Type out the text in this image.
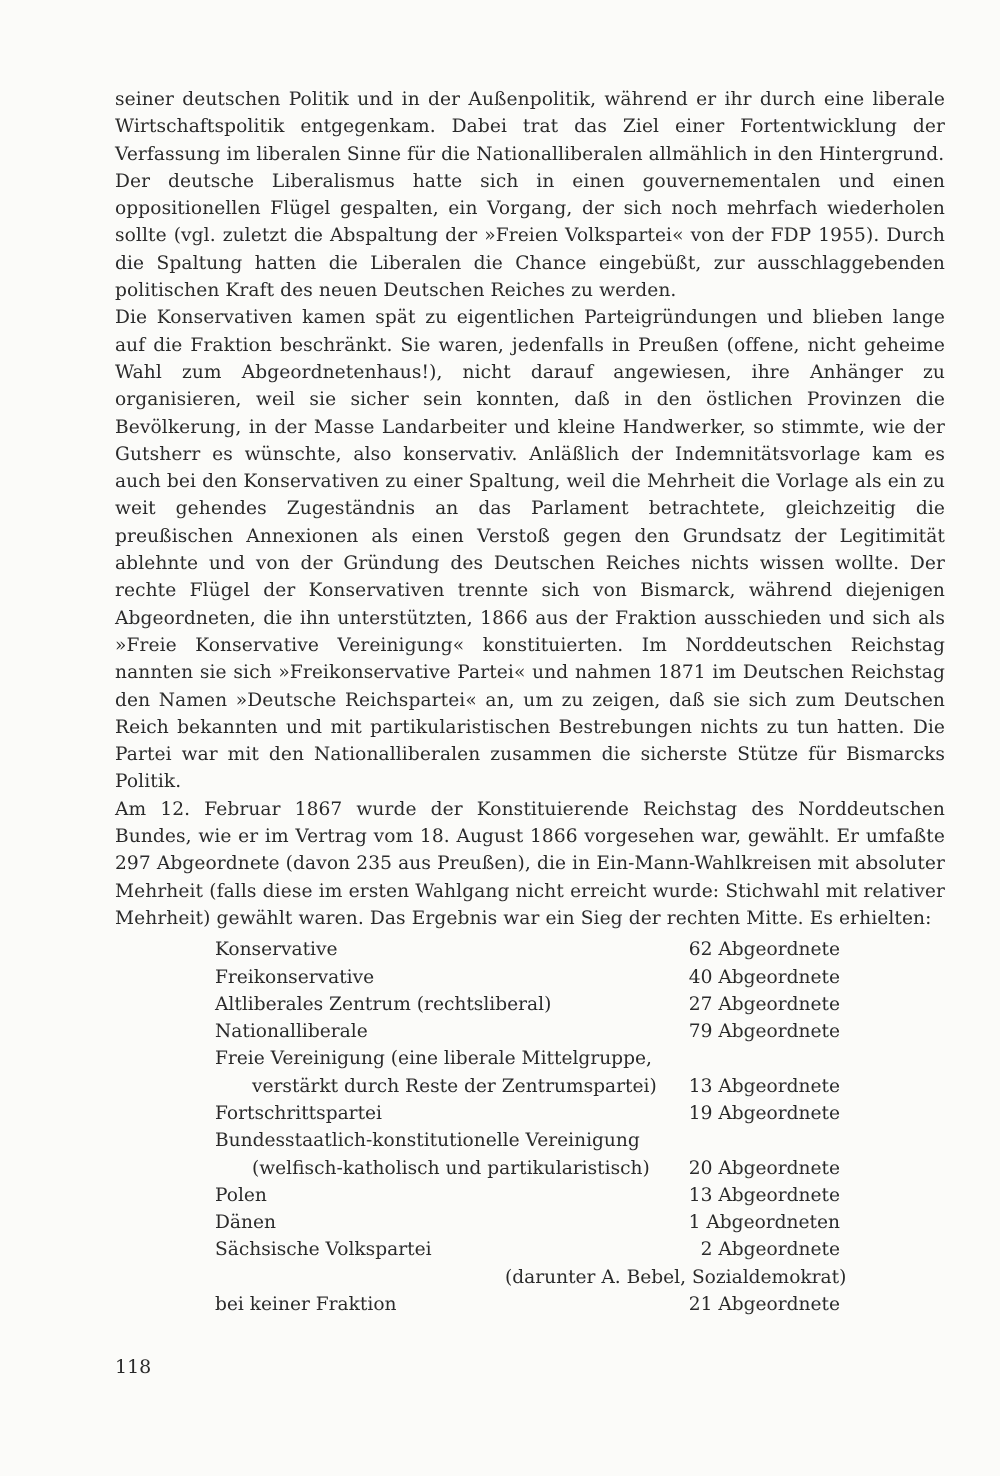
seiner deutschen Politik und in der Außenpolitik, während er ihr durch eine liberale Wirtschaftspolitik entgegenkam. Dabei trat das Ziel einer Fortentwicklung der Verfassung im liberalen Sinne für die Nationalliberalen allmählich in den Hintergrund.

Der deutsche Liberalismus hatte sich in einen gouvernementalen und einen oppositionellen Flügel gespalten, ein Vorgang, der sich noch mehrfach wiederholen sollte (vgl. zuletzt die Abspaltung der »Freien Volkspartei« von der FDP 1955). Durch die Spaltung hatten die Liberalen die Chance eingebüßt, zur ausschlaggebenden politischen Kraft des neuen Deutschen Reiches zu werden.

Die Konservativen kamen spät zu eigentlichen Parteigründungen und blieben lange auf die Fraktion beschränkt. Sie waren, jedenfalls in Preußen (offene, nicht geheime Wahl zum Abgeordnetenhaus!), nicht darauf angewiesen, ihre Anhänger zu organisieren, weil sie sicher sein konnten, daß in den östlichen Provinzen die Bevölkerung, in der Masse Landarbeiter und kleine Handwerker, so stimmte, wie der Gutsherr es wünschte, also konservativ. Anläßlich der Indemnitätsvorlage kam es auch bei den Konservativen zu einer Spaltung, weil die Mehrheit die Vorlage als ein zu weit gehendes Zugeständnis an das Parlament betrachtete, gleichzeitig die preußischen Annexionen als einen Verstoß gegen den Grundsatz der Legitimität ablehnte und von der Gründung des Deutschen Reiches nichts wissen wollte. Der rechte Flügel der Konservativen trennte sich von Bismarck, während diejenigen Abgeordneten, die ihn unterstützten, 1866 aus der Fraktion ausschieden und sich als »Freie Konservative Vereinigung« konstituierten. Im Norddeutschen Reichstag nannten sie sich »Freikonservative Partei« und nahmen 1871 im Deutschen Reichstag den Namen »Deutsche Reichspartei« an, um zu zeigen, daß sie sich zum Deutschen Reich bekannten und mit partikularistischen Bestrebungen nichts zu tun hatten. Die Partei war mit den Nationalliberalen zusammen die sicherste Stütze für Bismarcks Politik.

Am 12. Februar 1867 wurde der Konstituierende Reichstag des Norddeutschen Bundes, wie er im Vertrag vom 18. August 1866 vorgesehen war, gewählt. Er umfaßte 297 Abgeordnete (davon 235 aus Preußen), die in Ein-Mann-Wahlkreisen mit absoluter Mehrheit (falls diese im ersten Wahlgang nicht erreicht wurde: Stichwahl mit relativer Mehrheit) gewählt waren. Das Ergebnis war ein Sieg der rechten Mitte. Es erhielten:

Konservative	62 Abgeordnete
Freikonservative	40 Abgeordnete
Altliberales Zentrum (rechtsliberal)	27 Abgeordnete
Nationalliberale	79 Abgeordnete
Freie Vereinigung (eine liberale Mittelgruppe,
verstärkt durch Reste der Zentrumspartei) 13 Abgeordnete
Fortschrittspartei	19 Abgeordnete
Bundesstaatlich-konstitutionelle Vereinigung
(welfisch-katholisch und partikularistisch) 20 Abgeordnete
Polen	13 Abgeordnete
Dänen	1 Abgeordneten
Sächsische Volkspartei	2 Abgeordnete
(darunter A. Bebel, Sozialdemokrat)
bei keiner Fraktion	21 Abgeordnete
118
